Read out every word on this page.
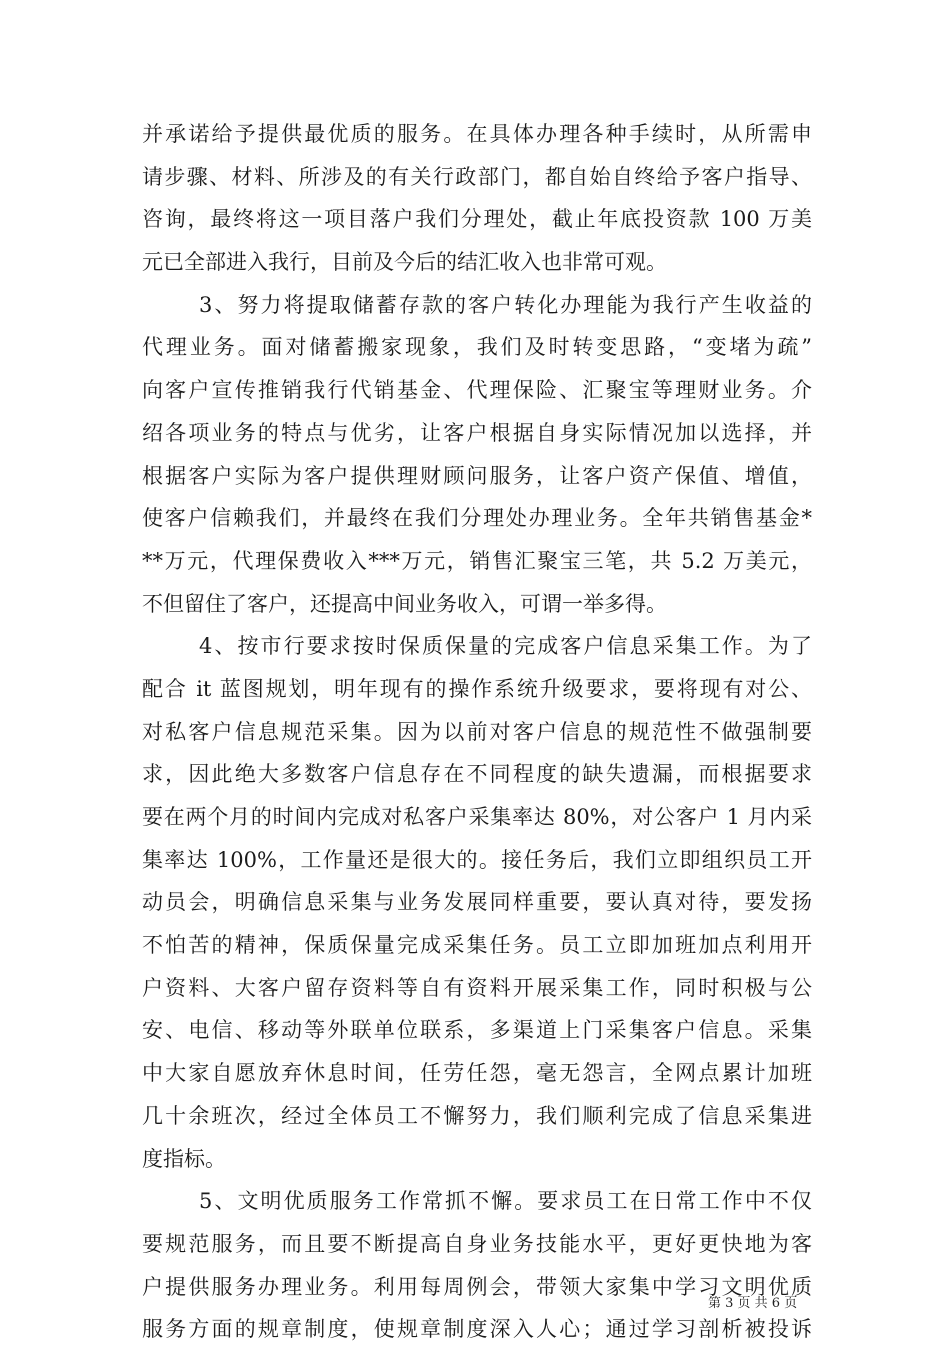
并承诺给予提供最优质的服务。在具体办理各种手续时，从所需申
请步骤、材料、所涉及的有关行政部门，都自始自终给予客户指导、
咨询，最终将这一项目落户我们分理处，截止年底投资款 100 万美
元已全部进入我行，目前及今后的结汇收入也非常可观。
3、努力将提取储蓄存款的客户转化办理能为我行产生收益的
代理业务。面对储蓄搬家现象，我们及时转变思路，“变堵为疏”
向客户宣传推销我行代销基金、代理保险、汇聚宝等理财业务。介
绍各项业务的特点与优劣，让客户根据自身实际情况加以选择，并
根据客户实际为客户提供理财顾问服务，让客户资产保值、增值，
使客户信赖我们，并最终在我们分理处办理业务。全年共销售基金*
**万元，代理保费收入***万元，销售汇聚宝三笔，共 5.2 万美元，
不但留住了客户，还提高中间业务收入，可谓一举多得。
4、按市行要求按时保质保量的完成客户信息采集工作。为了
配合 it 蓝图规划，明年现有的操作系统升级要求，要将现有对公、
对私客户信息规范采集。因为以前对客户信息的规范性不做强制要
求，因此绝大多数客户信息存在不同程度的缺失遗漏，而根据要求
要在两个月的时间内完成对私客户采集率达 80%，对公客户 1 月内采
集率达 100%，工作量还是很大的。接任务后，我们立即组织员工开
动员会，明确信息采集与业务发展同样重要，要认真对待，要发扬
不怕苦的精神，保质保量完成采集任务。员工立即加班加点利用开
户资料、大客户留存资料等自有资料开展采集工作，同时积极与公
安、电信、移动等外联单位联系，多渠道上门采集客户信息。采集
中大家自愿放弃休息时间，任劳任怨，毫无怨言，全网点累计加班
几十余班次，经过全体员工不懈努力，我们顺利完成了信息采集进
度指标。
5、文明优质服务工作常抓不懈。要求员工在日常工作中不仅
要规范服务，而且要不断提高自身业务技能水平，更好更快地为客
户提供服务办理业务。利用每周例会，带领大家集中学习文明优质
服务方面的规章制度，使规章制度深入人心；通过学习剖析被投诉
第 3 页 共 6 页
